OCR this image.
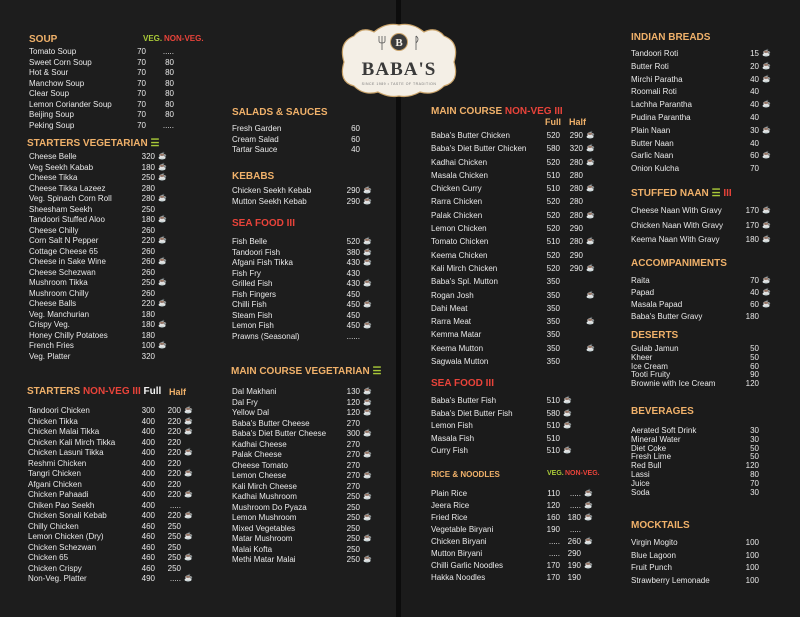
B
BABA'S
SINCE 1989 • TASTE OF TRADITION
SOUP	VEG. NON-VEG.
Tomato Soup	70	.....
Sweet Corn Soup	70	80
Hot & Sour	70	80
Manchow Soup	70	80
Clear Soup	70	80
Lemon Coriander Soup	70	80
Beijing Soup	70	80
Peking Soup	70	.....
STARTERS VEGETARIAN ☰
Cheese Belle	320 ☕
Veg Seekh Kabab	180 ☕
Cheese Tikka	250 ☕
Cheese Tikka Lazeez	280
Veg. Spinach Corn Roll	280 ☕
Sheesham Seekh	250
Tandoori Stuffed Aloo	180 ☕
Cheese Chilly	260
Corn Salt N Pepper	220 ☕
Cottage Cheese 65	260
Cheese in Sake Wine	260 ☕
Cheese Schezwan	260
Mushroom Tikka	250 ☕
Mushroom Chilly	260
Cheese Balls	220 ☕
Veg. Manchurian	180
Crispy Veg.	180 ☕
Honey Chilly Potatoes	180
French Fries	100 ☕
Veg. Platter	320
STARTERS NON-VEG III Full Half
Tandoori Chicken	300	200 ☕
Chicken Tikka	400	220 ☕
Chicken Malai Tikka	400	220 ☕
Chicken Kali Mirch Tikka	400	220
Chicken Lasuni Tikka	400	220 ☕
Reshmi Chicken	400	220
Tangri Chicken	400	220 ☕
Afgani Chicken	400	220
Chicken Pahaadi	400	220 ☕
Chiken Pao Seekh	400	.....
Chicken Sonali Kebab	400	220 ☕
Chilly Chicken	460	250
Lemon Chicken (Dry)	460	250 ☕
Chicken Schezwan	460	250
Chicken 65	460	250 ☕
Chicken Crispy	460	250
Non-Veg. Platter	490	..... ☕
SALADS & SAUCES
Fresh Garden	60
Cream Salad	60
Tartar Sauce	40
KEBABS
Chicken Seekh Kebab	290 ☕
Mutton Seekh Kebab	290 ☕
SEA FOOD III
Fish Belle	520 ☕
Tandoori Fish	380 ☕
Afgani Fish Tikka	430 ☕
Fish Fry	430
Grilled Fish	430 ☕
Fish Fingers	450
Chilli Fish	450 ☕
Steam Fish	450
Lemon Fish	450 ☕
Prawns (Seasonal)	......
MAIN COURSE VEGETARIAN ☰
Dal Makhani	130 ☕
Dal Fry	120 ☕
Yellow Dal	120 ☕
Baba's Butter Cheese	270
Baba's Diet Butter Cheese	300 ☕
Kadhai Cheese	270
Palak Cheese	270 ☕
Cheese Tomato	270
Lemon Cheese	270 ☕
Kali Mirch Cheese	270
Kadhai Mushroom	250 ☕
Mushroom Do Pyaza	250
Lemon Mushroom	250 ☕
Mixed Vegetables	250
Matar Mushroom	250 ☕
Malai Kofta	250
Methi Matar Malai	250 ☕
MAIN COURSE NON-VEG III
Full Half
Baba's Butter Chicken	520	290 ☕
Baba's Diet Butter Chicken	580	320 ☕
Kadhai Chicken	520	280 ☕
Masala Chicken	510	280
Chicken Curry	510	280 ☕
Rarra Chicken	520	280
Palak Chicken	520	280 ☕
Lemon Chicken	520	290
Tomato Chicken	510	280 ☕
Keema Chicken	520	290
Kali Mirch Chicken	520	290 ☕
Baba's Spl. Mutton	350
Rogan Josh	350	☕
Dahi Meat	350
Rarra Meat	350	☕
Kemma Matar	350
Keema Mutton	350	☕
Sagwala Mutton	350
SEA FOOD III
Baba's Butter Fish	510 ☕
Baba's Diet Butter Fish	580 ☕
Lemon Fish	510 ☕
Masala Fish	510
Curry Fish	510 ☕
RICE & NOODLES	VEG. NON-VEG.
Plain Rice	110	..... ☕
Jeera Rice	120	..... ☕
Fried Rice	160 180 ☕
Vegetable Biryani	190	.....
Chicken Biryani	..... 260 ☕
Mutton Biryani	..... 290
Chilli Garlic Noodles	170 190 ☕
Hakka Noodles	170 190
INDIAN BREADS
Tandoori Roti	15 ☕
Butter Roti	20 ☕
Mirchi Paratha	40 ☕
Roomali Roti	40
Lachha Parantha	40 ☕
Pudina Parantha	40
Plain Naan	30 ☕
Butter Naan	40
Garlic Naan	60 ☕
Onion Kulcha	70
STUFFED NAAN ☰ III
Cheese Naan With Gravy	170 ☕
Chicken Naan With Gravy	170 ☕
Keema Naan With Gravy	180 ☕
ACCOMPANIMENTS
Raita	70 ☕
Papad	40 ☕
Masala Papad	60 ☕
Baba's Butter Gravy	180
DESERTS
Gulab Jamun	50
Kheer	50
Ice Cream	60
Tooti Fruity	90
Brownie with Ice Cream	120
BEVERAGES
Aerated Soft Drink	30
Mineral Water	30
Diet Coke	50
Fresh Lime	50
Red Bull	120
Lassi	80
Juice	70
Soda	30
MOCKTAILS
Virgin Mogito	100
Blue Lagoon	100
Fruit Punch	100
Strawberry Lemonade	100
